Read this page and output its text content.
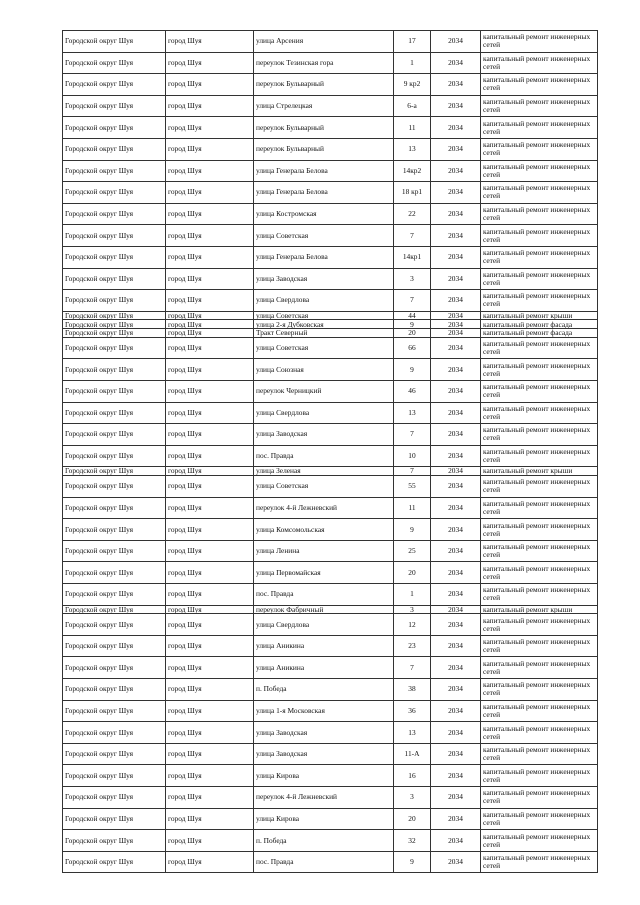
Городской округ Шуя	город Шуя	улица Арсения	17	2034	капитальный ремонт инженерных сетей
Городской округ Шуя	город Шуя	переулок Тезинская гора	1	2034	капитальный ремонт инженерных сетей
Городской округ Шуя	город Шуя	переулок Бульварный	9 кр2	2034	капитальный ремонт инженерных сетей
Городской округ Шуя	город Шуя	улица Стрелецкая	6-а	2034	капитальный ремонт инженерных сетей
Городской округ Шуя	город Шуя	переулок Бульварный	11	2034	капитальный ремонт инженерных сетей
Городской округ Шуя	город Шуя	переулок Бульварный	13	2034	капитальный ремонт инженерных сетей
Городской округ Шуя	город Шуя	улица Генерала Белова	14кр2	2034	капитальный ремонт инженерных сетей
Городской округ Шуя	город Шуя	улица Генерала Белова	18 кр1	2034	капитальный ремонт инженерных сетей
Городской округ Шуя	город Шуя	улица Костромская	22	2034	капитальный ремонт инженерных сетей
Городской округ Шуя	город Шуя	улица Советская	7	2034	капитальный ремонт инженерных сетей
Городской округ Шуя	город Шуя	улица Генерала Белова	14кр1	2034	капитальный ремонт инженерных сетей
Городской округ Шуя	город Шуя	улица Заводская	3	2034	капитальный ремонт инженерных сетей
Городской округ Шуя	город Шуя	улица Свердлова	7	2034	капитальный ремонт инженерных сетей
Городской округ Шуя	город Шуя	улица Советская	44	2034	капитальный ремонт крыши
Городской округ Шуя	город Шуя	улица 2-я Дубковская	9	2034	капитальный ремонт фасада
Городской округ Шуя	город Шуя	Тракт Северный	20	2034	капитальный ремонт фасада
Городской округ Шуя	город Шуя	улица Советская	66	2034	капитальный ремонт инженерных сетей
Городской округ Шуя	город Шуя	улица Союзная	9	2034	капитальный ремонт инженерных сетей
Городской округ Шуя	город Шуя	переулок Черницкий	46	2034	капитальный ремонт инженерных сетей
Городской округ Шуя	город Шуя	улица Свердлова	13	2034	капитальный ремонт инженерных сетей
Городской округ Шуя	город Шуя	улица Заводская	7	2034	капитальный ремонт инженерных сетей
Городской округ Шуя	город Шуя	пос. Правда	10	2034	капитальный ремонт инженерных сетей
Городской округ Шуя	город Шуя	улица Зеленая	7	2034	капитальный ремонт крыши
Городской округ Шуя	город Шуя	улица Советская	55	2034	капитальный ремонт инженерных сетей
Городской округ Шуя	город Шуя	переулок 4-й Лежневский	11	2034	капитальный ремонт инженерных сетей
Городской округ Шуя	город Шуя	улица Комсомольская	9	2034	капитальный ремонт инженерных сетей
Городской округ Шуя	город Шуя	улица Ленина	25	2034	капитальный ремонт инженерных сетей
Городской округ Шуя	город Шуя	улица Первомайская	20	2034	капитальный ремонт инженерных сетей
Городской округ Шуя	город Шуя	пос. Правда	1	2034	капитальный ремонт инженерных сетей
Городской округ Шуя	город Шуя	переулок Фабричный	3	2034	капитальный ремонт крыши
Городской округ Шуя	город Шуя	улица Свердлова	12	2034	капитальный ремонт инженерных сетей
Городской округ Шуя	город Шуя	улица Аникина	23	2034	капитальный ремонт инженерных сетей
Городской округ Шуя	город Шуя	улица Аникина	7	2034	капитальный ремонт инженерных сетей
Городской округ Шуя	город Шуя	п. Победа	38	2034	капитальный ремонт инженерных сетей
Городской округ Шуя	город Шуя	улица 1-я Московская	36	2034	капитальный ремонт инженерных сетей
Городской округ Шуя	город Шуя	улица Заводская	13	2034	капитальный ремонт инженерных сетей
Городской округ Шуя	город Шуя	улица Заводская	11-А	2034	капитальный ремонт инженерных сетей
Городской округ Шуя	город Шуя	улица Кирова	16	2034	капитальный ремонт инженерных сетей
Городской округ Шуя	город Шуя	переулок 4-й Лежневский	3	2034	капитальный ремонт инженерных сетей
Городской округ Шуя	город Шуя	улица Кирова	20	2034	капитальный ремонт инженерных сетей
Городской округ Шуя	город Шуя	п. Победа	32	2034	капитальный ремонт инженерных сетей
Городской округ Шуя	город Шуя	пос. Правда	9	2034	капитальный ремонт инженерных сетей
